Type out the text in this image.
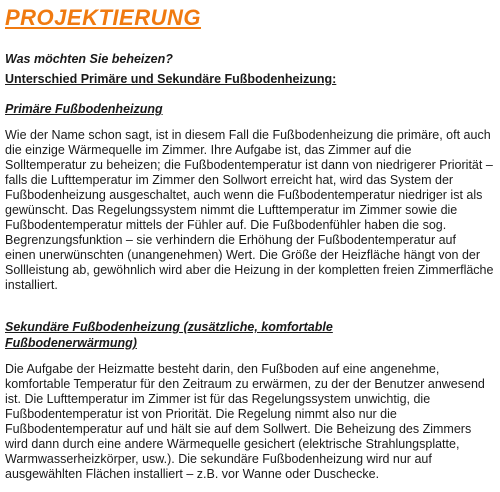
PROJEKTIERUNG
Was möchten Sie beheizen?
Unterschied Primäre und Sekundäre Fußbodenheizung:
Primäre Fußbodenheizung
Wie der Name schon sagt, ist in diesem Fall die Fußbodenheizung die primäre, oft auch
die einzige Wärmequelle im Zimmer. Ihre Aufgabe ist, das Zimmer auf die
Solltemperatur zu beheizen; die Fußbodentemperatur ist dann von niedrigerer Priorität –
falls die Lufttemperatur im Zimmer den Sollwort erreicht hat, wird das System der
Fußbodenheizung ausgeschaltet, auch wenn die Fußbodentemperatur niedriger ist als
gewünscht. Das Regelungssystem nimmt die Lufttemperatur im Zimmer sowie die
Fußbodentemperatur mittels der Fühler auf. Die Fußbodenfühler haben die sog.
Begrenzungsfunktion – sie verhindern die Erhöhung der Fußbodentemperatur auf
einen unerwünschten (unangenehmen) Wert. Die Größe der Heizfläche hängt von der
Sollleistung ab, gewöhnlich wird aber die Heizung in der kompletten freien Zimmerfläche
installiert.
Sekundäre Fußbodenheizung (zusätzliche, komfortable
Fußbodenerwärmung)
Die Aufgabe der Heizmatte besteht darin, den Fußboden auf eine angenehme,
komfortable Temperatur für den Zeitraum zu erwärmen, zu der der Benutzer anwesend
ist. Die Lufttemperatur im Zimmer ist für das Regelungssystem unwichtig, die
Fußbodentemperatur ist von Priorität. Die Regelung nimmt also nur die
Fußbodentemperatur auf und hält sie auf dem Sollwert. Die Beheizung des Zimmers
wird dann durch eine andere Wärmequelle gesichert (elektrische Strahlungsplatte,
Warmwasserheizkörper, usw.). Die sekundäre Fußbodenheizung wird nur auf
ausgewählten Flächen installiert – z.B. vor Wanne oder Duschecke.
